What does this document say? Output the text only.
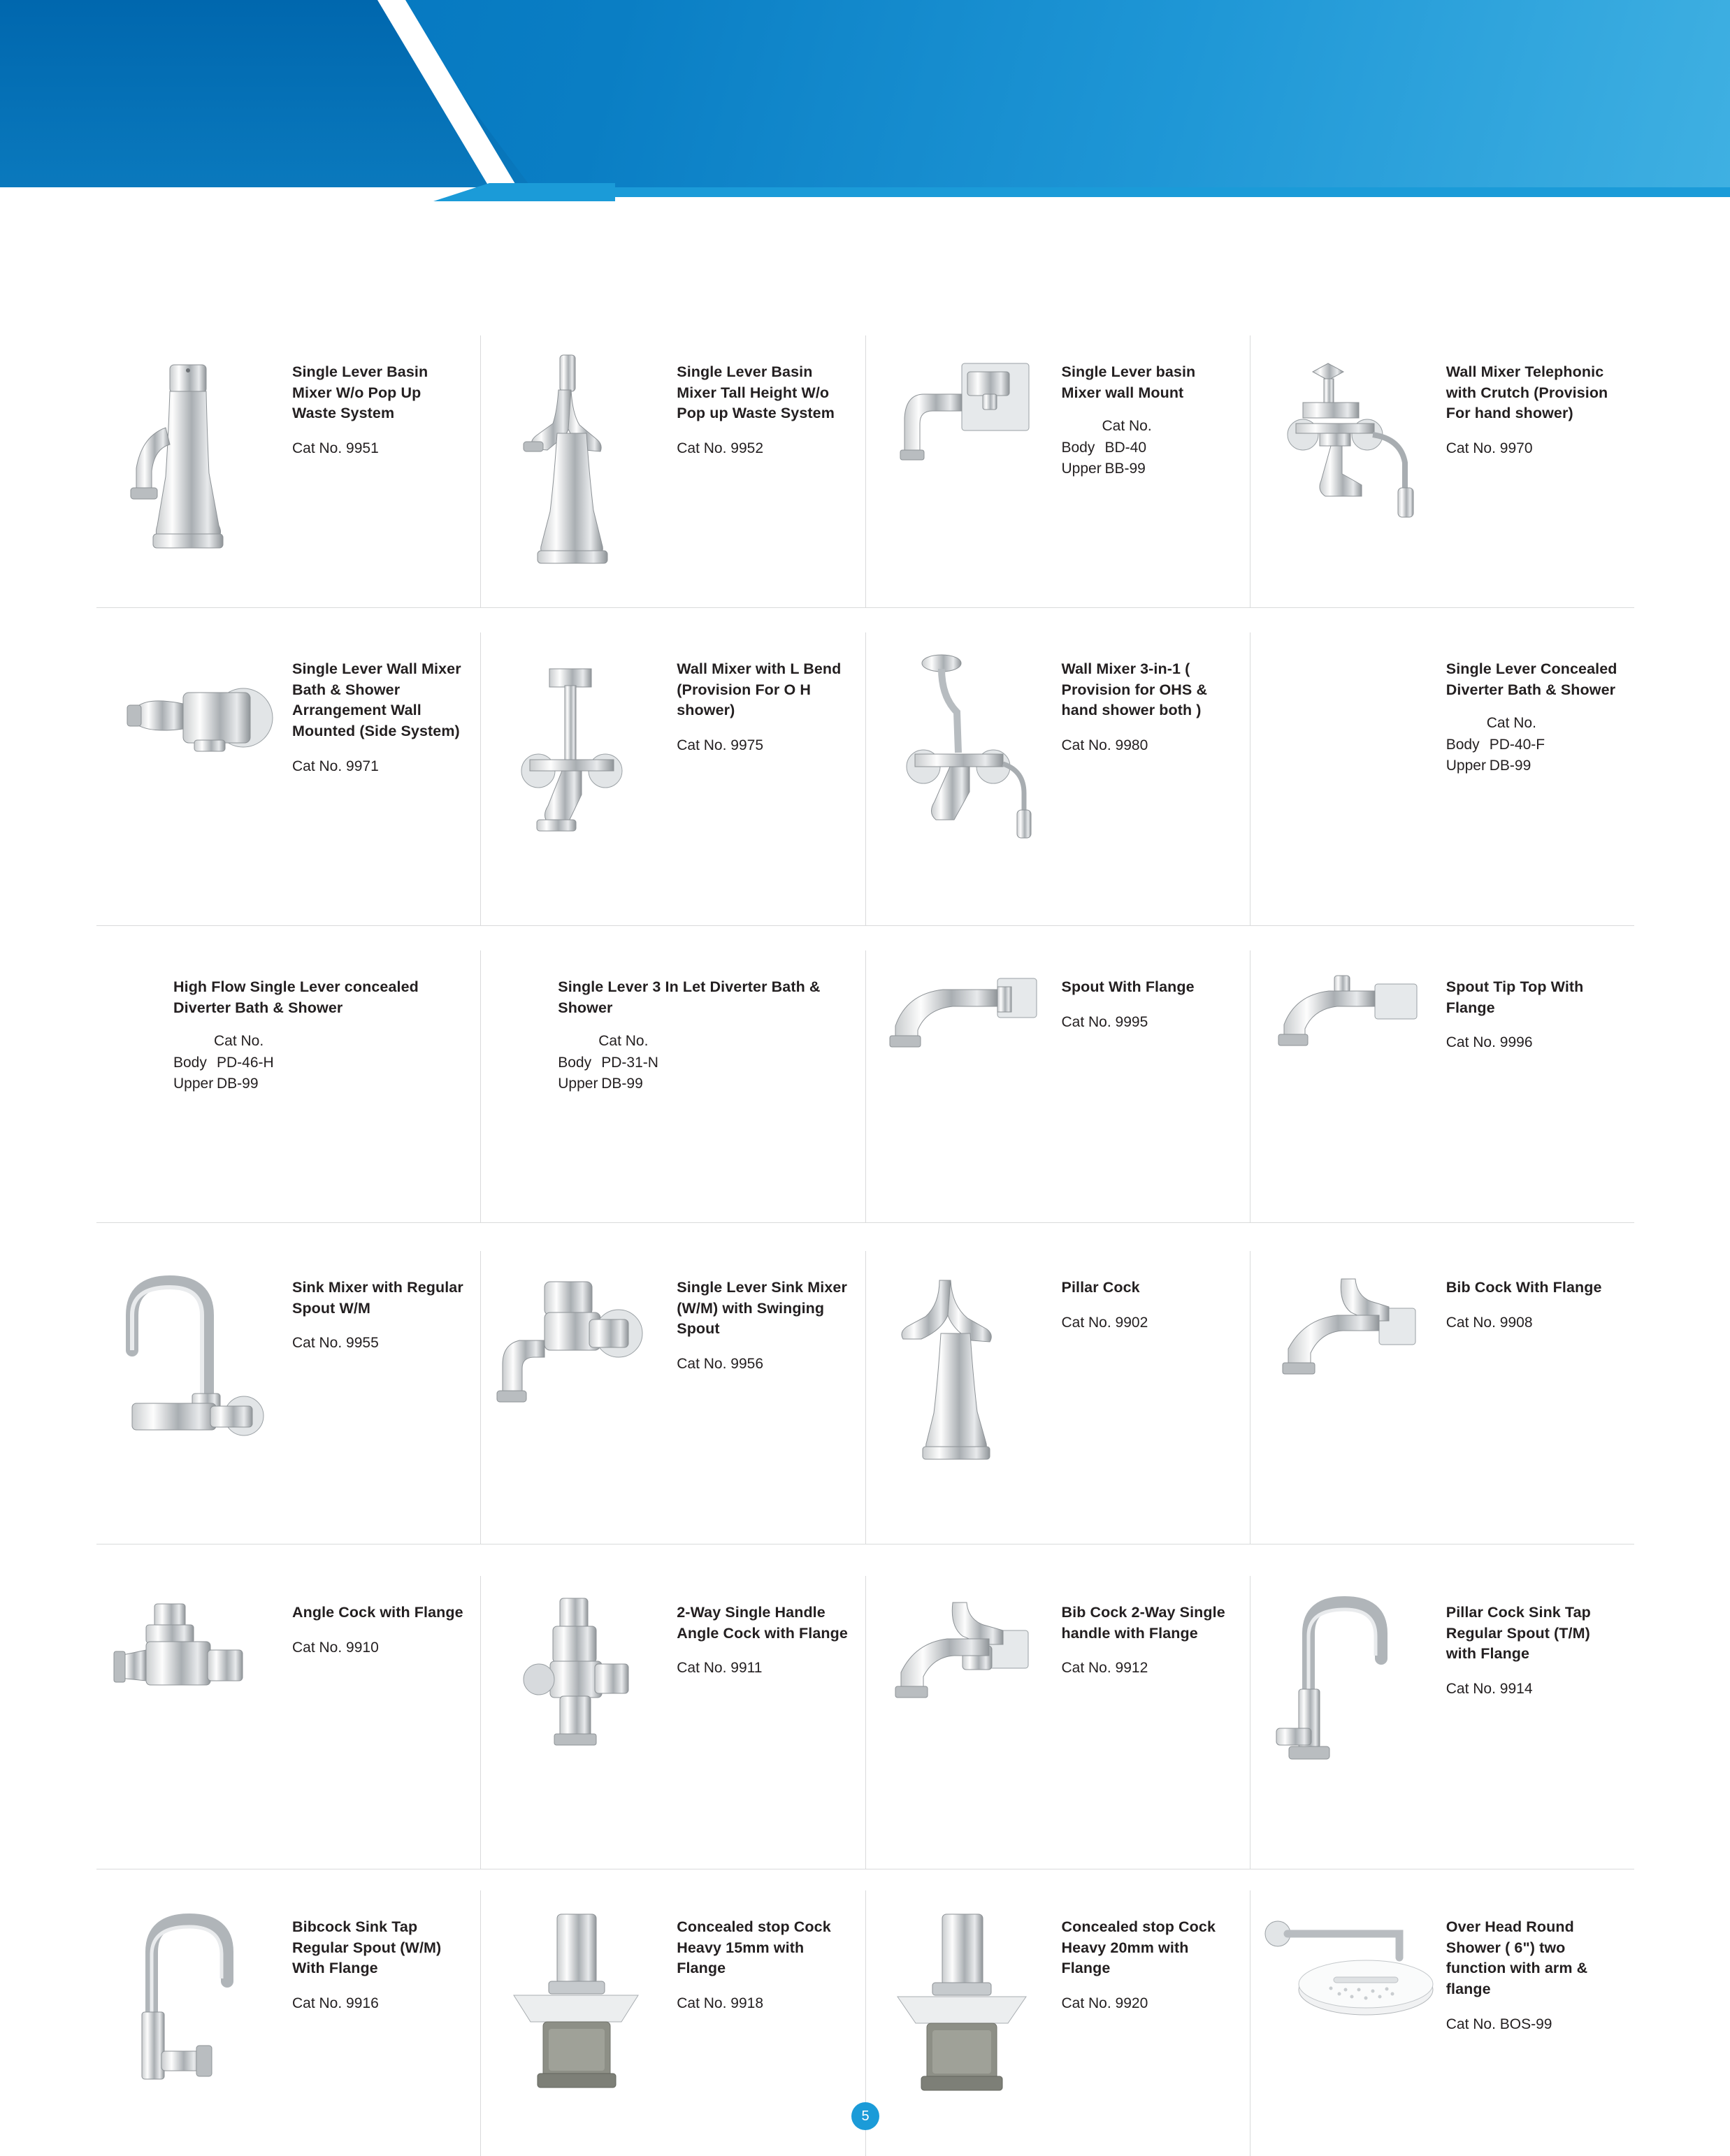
Single Lever Basin Mixer W/o Pop Up Waste System
Cat No. 9951
Single Lever Basin Mixer Tall Height W/o Pop up Waste System
Cat No. 9952
Single Lever basin Mixer wall Mount
Cat No.
Body BD-40
Upper BB-99
Wall Mixer Telephonic with Crutch (Provision For hand shower)
Cat No. 9970
Single Lever Wall Mixer Bath & Shower Arrangement Wall Mounted (Side System)
Cat No. 9971
Wall Mixer with L Bend (Provision For O H shower)
Cat No. 9975
Wall Mixer 3-in-1 ( Provision for OHS & hand shower both )
Cat No. 9980
Single Lever Concealed Diverter Bath & Shower
Cat No.
Body PD-40-F
Upper DB-99
High Flow Single Lever concealed Diverter Bath & Shower
Cat No.
Body PD-46-H
Upper DB-99
Single Lever 3 In Let Diverter Bath & Shower
Cat No.
Body PD-31-N
Upper DB-99
Spout With Flange
Cat No. 9995
Spout Tip Top With Flange
Cat No. 9996
Sink Mixer with Regular Spout W/M
Cat No. 9955
Single Lever Sink Mixer (W/M) with Swinging Spout
Cat No. 9956
Pillar Cock
Cat No. 9902
Bib Cock With Flange
Cat No. 9908
Angle Cock with Flange
Cat No. 9910
2-Way Single Handle Angle Cock with Flange
Cat No. 9911
Bib Cock 2-Way Single handle with Flange
Cat No. 9912
Pillar Cock Sink Tap Regular Spout (T/M) with Flange
Cat No. 9914
Bibcock Sink Tap Regular Spout (W/M) With Flange
Cat No. 9916
Concealed stop Cock Heavy 15mm with Flange
Cat No. 9918
Concealed stop Cock Heavy 20mm with Flange
Cat No. 9920
Over Head Round Shower ( 6") two function with arm & flange
Cat No. BOS-99
5
